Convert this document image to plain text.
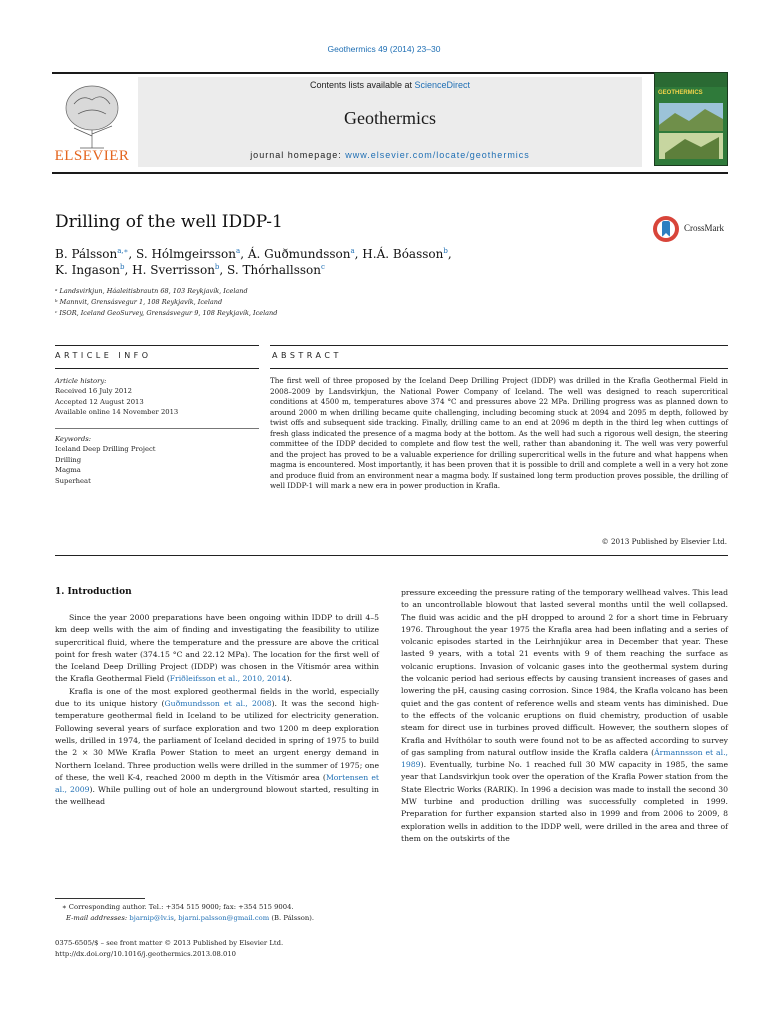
Geothermics 49 (2014) 23–30
ELSEVIER
Contents lists available at ScienceDirect
Geothermics
journal homepage: www.elsevier.com/locate/geothermics
GEOTHERMICS
Drilling of the well IDDP-1	CrossMark
B. Pálsson$^{a,∗}$, S. Hólmgeirsson$^a$, Á. Guðmundsson$^a$, H.Á. Bóasson$^b$,
K. Ingason$^b$, H. Sverrisson$^b$, S. Thórhallsson$^c$
ᵃ Landsvirkjun, Háaleitisbrautn 68, 103 Reykjavík, Iceland
ᵇ Mannvit, Grensásvegur 1, 108 Reykjavík, Iceland
ᶜ ISOR, Iceland GeoSurvey, Grensásvegur 9, 108 Reykjavík, Iceland
ARTICLE INFO	ABSTRACT
Article history:
Received 16 July 2012
Accepted 12 August 2013
Available online 14 November 2013
Keywords:
Iceland Deep Drilling Project
Drilling
Magma
Superheat
The first well of three proposed by the Iceland Deep Drilling Project (IDDP) was drilled in the Krafla Geothermal Field in 2008–2009 by Landsvirkjun, the National Power Company of Iceland. The well was designed to reach supercritical conditions at 4500 m, temperatures above 374 °C and pressures above 22 MPa. Drilling progress was as planned down to around 2000 m when drilling became quite challenging, including becoming stuck at 2094 and 2095 m depth, followed by twist offs and subsequent side tracking. Finally, drilling came to an end at 2096 m depth in the third leg when cuttings of fresh glass indicated the presence of a magma body at the bottom. As the well had such a rigorous well design, the steering committee of the IDDP decided to complete and flow test the well, rather than abandoning it. The well was very powerful and the project has proved to be a valuable experience for drilling supercritical wells in the future and what happens when magma is encountered. Most importantly, it has been proven that it is possible to drill and complete a well in a very hot zone and produce fluid from an environment near a magma body. If sustained long term production proves possible, the drilling of well IDDP-1 will mark a new era in power production in Krafla.
© 2013 Published by Elsevier Ltd.
1. Introduction

Since the year 2000 preparations have been ongoing within IDDP to drill 4–5 km deep wells with the aim of finding and investigating the feasibility to utilize supercritical fluid, where the temperature and the pressure are above the critical point for fresh water (374.15 °C and 22.12 MPa). The location for the first well of the Iceland Deep Drilling Project (IDDP) was chosen in the Vítismór area within the Krafla Geothermal Field (Friðleifsson et al., 2010, 2014).

Krafla is one of the most explored geothermal fields in the world, especially due to its unique history (Guðmundsson et al., 2008). It was the second high-temperature geothermal field in Iceland to be utilized for electricity generation. Following several years of surface exploration and two 1200 m deep exploration wells, drilled in 1974, the parliament of Iceland decided in spring of 1975 to build the 2 × 30 MWe Krafla Power Station to meet an urgent energy demand in Northern Iceland. Three production wells were drilled in the summer of 1975; one of these, the well K-4, reached 2000 m depth in the Vítismór area (Mortensen et al., 2009). While pulling out of hole an underground blowout started, resulting in the wellhead

pressure exceeding the pressure rating of the temporary wellhead valves. This lead to an uncontrollable blowout that lasted several months until the well collapsed. The fluid was acidic and the pH dropped to around 2 for a short time in February 1976. Throughout the year 1975 the Krafla area had been inflating and a series of volcanic episodes started in the Leirhnjúkur area in December that year. These lasted 9 years, with a total 21 events with 9 of them reaching the surface as volcanic eruptions. Invasion of volcanic gases into the geothermal system during the volcanic period had serious effects by causing transient increases of gases and lowering the pH, causing casing corrosion. Since 1984, the Krafla volcano has been quiet and the gas content of reference wells and steam vents has diminished. Due to the effects of the volcanic eruptions on fluid chemistry, production of usable steam for direct use in turbines proved difficult. However, the southern slopes of Krafla and Hvíthólar to south were found not to be as affected according to survey of gas sampling from natural outflow inside the Krafla caldera (Ármannsson et al., 1989). Eventually, turbine No. 1 reached full 30 MW capacity in 1985, the same year that Landsvirkjun took over the operation of the Krafla Power station from the State Electric Works (RARIK). In 1996 a decision was made to install the second 30 MW turbine and production drilling was successfully completed in 1999. Preparation for further expansion started also in 1999 and from 2006 to 2009, 8 exploration wells in addition to the IDDP well, were drilled in the area and three of them on the outskirts of the

∗ Corresponding author. Tel.: +354 515 9000; fax: +354 515 9004.
E-mail addresses: bjarnip@lv.is, bjarni.palsson@gmail.com (B. Pálsson).
0375-6505/$ – see front matter © 2013 Published by Elsevier Ltd.
http://dx.doi.org/10.1016/j.geothermics.2013.08.010
